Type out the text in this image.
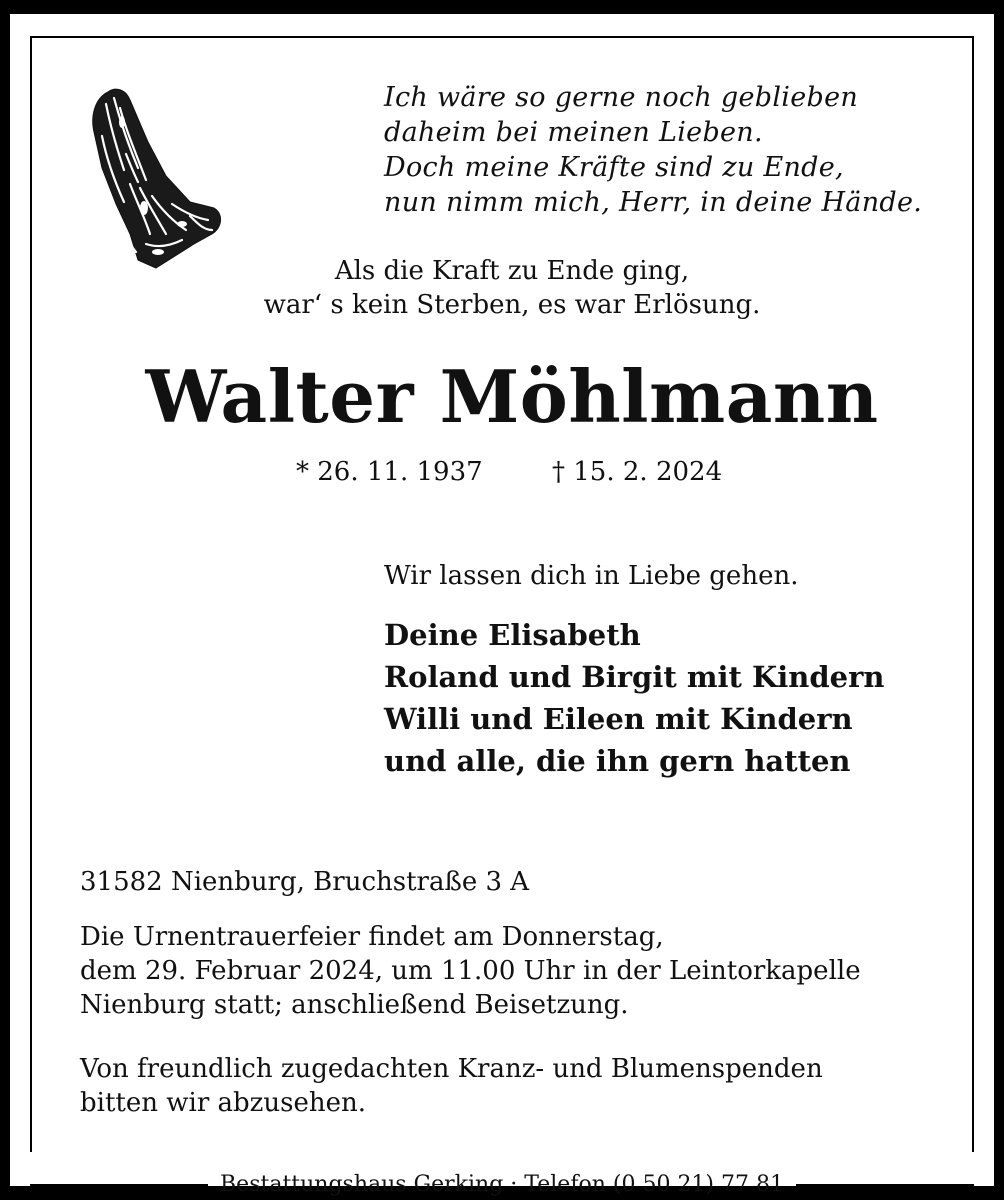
Ich wäre so gerne noch geblieben
daheim bei meinen Lieben.
Doch meine Kräfte sind zu Ende,
nun nimm mich, Herr, in deine Hände.
Als die Kraft zu Ende ging,
war‘ s kein Sterben, es war Erlösung.
Walter Möhlmann
* 26. 11. 1937	† 15. 2. 2024
Wir lassen dich in Liebe gehen.
Deine Elisabeth
Roland und Birgit mit Kindern
Willi und Eileen mit Kindern
und alle, die ihn gern hatten
31582 Nienburg, Bruchstraße 3 A
Die Urnentrauerfeier findet am Donnerstag,
dem 29. Februar 2024, um 11.00 Uhr in der Leintorkapelle
Nienburg statt; anschließend Beisetzung.
Von freundlich zugedachten Kranz- und Blumenspenden
bitten wir abzusehen.
Bestattungshaus Gerking · Telefon (0 50 21) 77 81
